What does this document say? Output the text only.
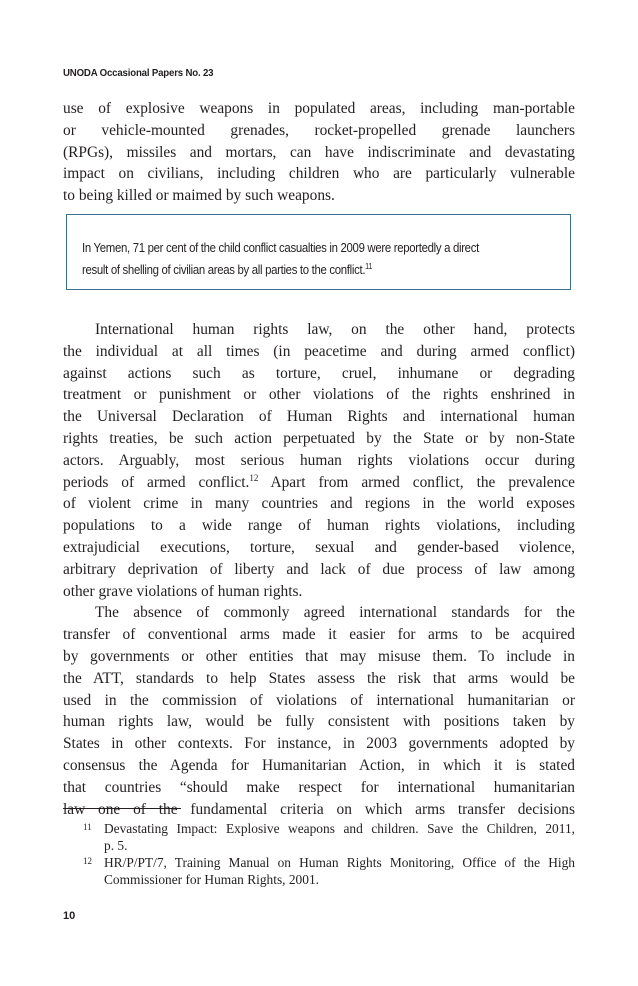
UNODA Occasional Papers No. 23
use of explosive weapons in populated areas, including man-portable
or vehicle-mounted grenades, rocket-propelled grenade launchers
(RPGs), missiles and mortars, can have indiscriminate and devastating
impact on civilians, including children who are particularly vulnerable
to being killed or maimed by such weapons.
In Yemen, 71 per cent of the child conflict casualties in 2009 were reportedly a direct
result of shelling of civilian areas by all parties to the conflict.$^{11}$
International human rights law, on the other hand, protects
the individual at all times (in peacetime and during armed conflict)
against actions such as torture, cruel, inhumane or degrading
treatment or punishment or other violations of the rights enshrined in
the Universal Declaration of Human Rights and international human
rights treaties, be such action perpetuated by the State or by non-State
actors. Arguably, most serious human rights violations occur during
periods of armed conflict.$^{12}$ Apart from armed conflict, the prevalence
of violent crime in many countries and regions in the world exposes
populations to a wide range of human rights violations, including
extrajudicial executions, torture, sexual and gender-based violence,
arbitrary deprivation of liberty and lack of due process of law among
other grave violations of human rights.
The absence of commonly agreed international standards for the
transfer of conventional arms made it easier for arms to be acquired
by governments or other entities that may misuse them. To include in
the ATT, standards to help States assess the risk that arms would be
used in the commission of violations of international humanitarian or
human rights law, would be fully consistent with positions taken by
States in other contexts. For instance, in 2003 governments adopted by
consensus the Agenda for Humanitarian Action, in which it is stated
that countries “should make respect for international humanitarian
law one of the fundamental criteria on which arms transfer decisions
11 Devastating Impact: Explosive weapons and children. Save the Children, 2011,
p. 5.
12 HR/P/PT/7, Training Manual on Human Rights Monitoring, Office of the High
Commissioner for Human Rights, 2001.
10
